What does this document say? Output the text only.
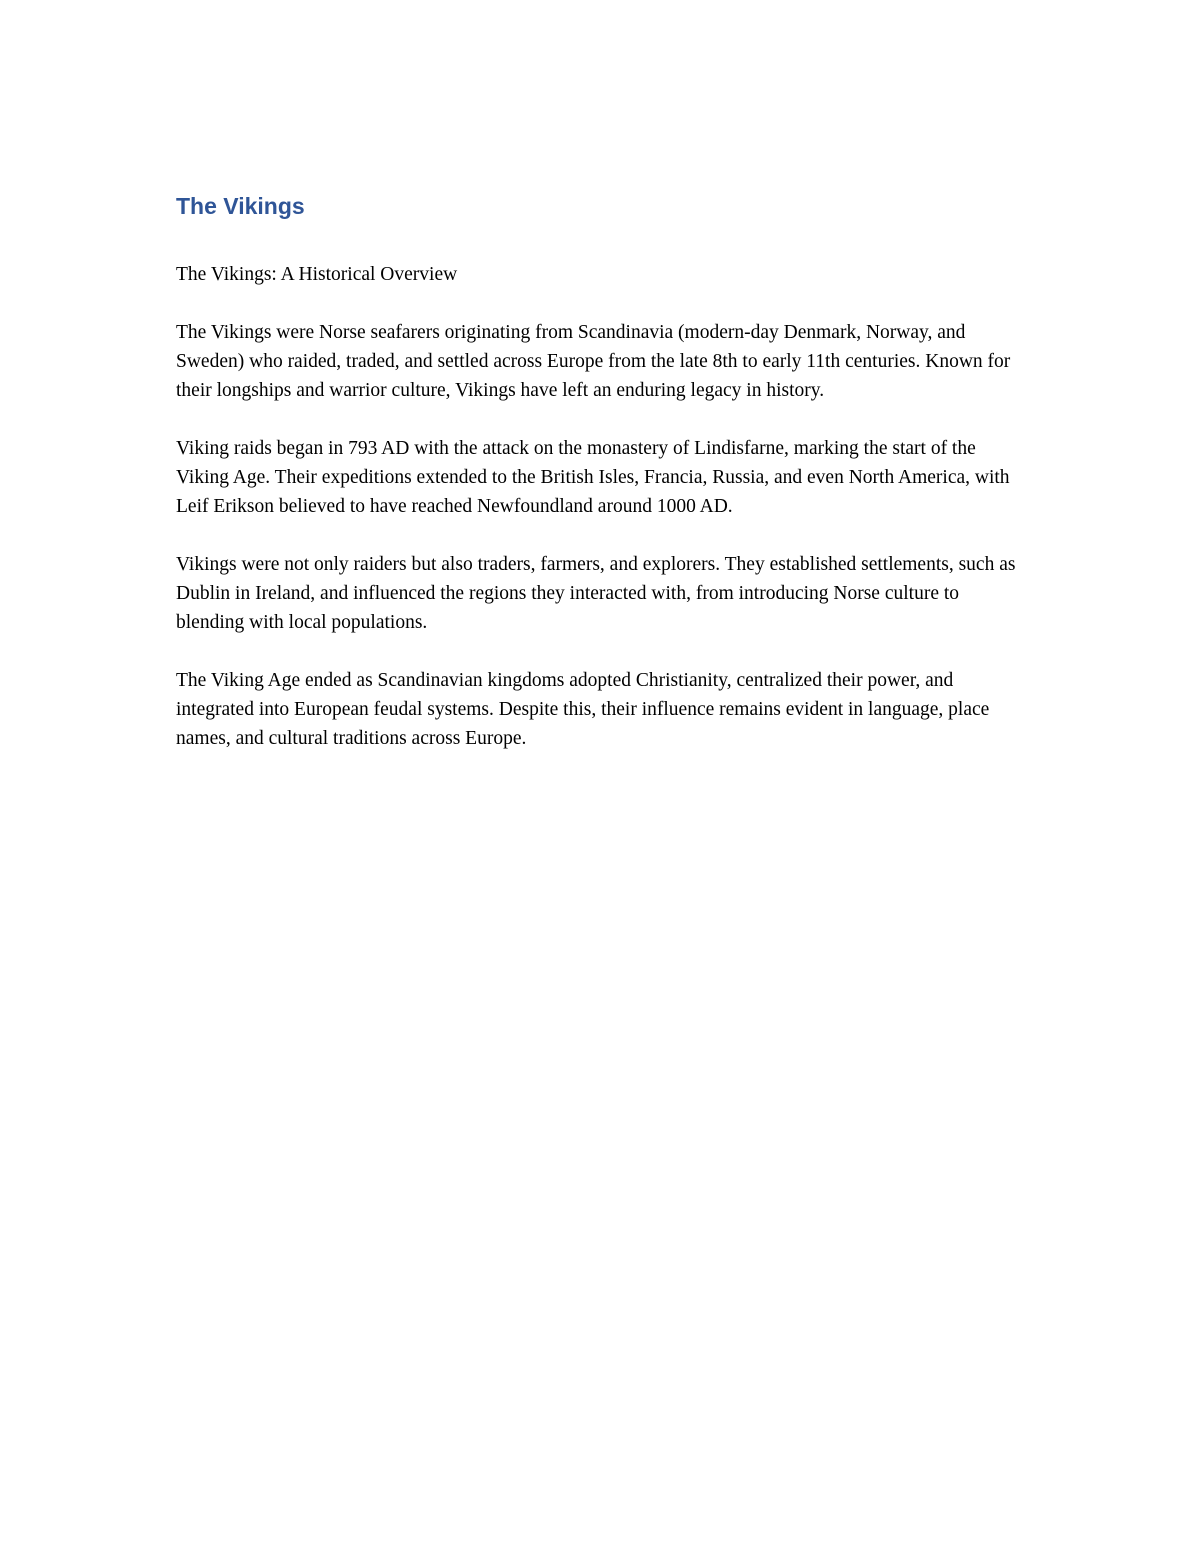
The Vikings

The Vikings: A Historical Overview

The Vikings were Norse seafarers originating from Scandinavia (modern-day Denmark, Norway, and Sweden) who raided, traded, and settled across Europe from the late 8th to early 11th centuries. Known for their longships and warrior culture, Vikings have left an enduring legacy in history.

Viking raids began in 793 AD with the attack on the monastery of Lindisfarne, marking the start of the Viking Age. Their expeditions extended to the British Isles, Francia, Russia, and even North America, with Leif Erikson believed to have reached Newfoundland around 1000 AD.

Vikings were not only raiders but also traders, farmers, and explorers. They established settlements, such as Dublin in Ireland, and influenced the regions they interacted with, from introducing Norse culture to blending with local populations.

The Viking Age ended as Scandinavian kingdoms adopted Christianity, centralized their power, and integrated into European feudal systems. Despite this, their influence remains evident in language, place names, and cultural traditions across Europe.
